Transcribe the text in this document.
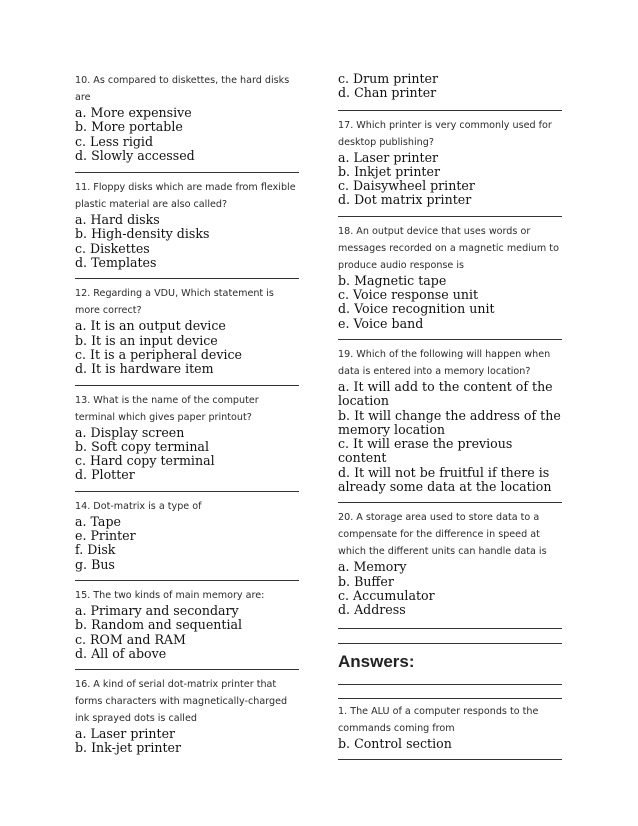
10. As compared to diskettes, the hard disks are

a. More expensive

b. More portable

c. Less rigid

d. Slowly accessed

11. Floppy disks which are made from flexible plastic material are also called?

a. Hard disks

b. High-density disks

c. Diskettes

d. Templates

12. Regarding a VDU, Which statement is more correct?

a. It is an output device

b. It is an input device

c. It is a peripheral device

d. It is hardware item

13. What is the name of the computer terminal which gives paper printout?

a. Display screen

b. Soft copy terminal

c. Hard copy terminal

d. Plotter

14. Dot-matrix is a type of

a. Tape

e. Printer

f. Disk

g. Bus

15. The two kinds of main memory are:

a. Primary and secondary

b. Random and sequential

c. ROM and RAM

d. All of above

16. A kind of serial dot-matrix printer that forms characters with magnetically-charged ink sprayed dots is called

a. Laser printer

b. Ink-jet printer

c. Drum printer

d. Chan printer

17. Which printer is very commonly used for desktop publishing?

a. Laser printer

b. Inkjet printer

c. Daisywheel printer

d. Dot matrix printer

18. An output device that uses words or messages recorded on a magnetic medium to produce audio response is

b. Magnetic tape

c. Voice response unit

d. Voice recognition unit

e. Voice band

19. Which of the following will happen when data is entered into a memory location?

a. It will add to the content of the location

b. It will change the address of the memory location

c. It will erase the previous content

d. It will not be fruitful if there is already some data at the location

20. A storage area used to store data to a compensate for the difference in speed at which the different units can handle data is

a. Memory

b. Buffer

c. Accumulator

d. Address

Answers:

1. The ALU of a computer responds to the commands coming from

b. Control section
